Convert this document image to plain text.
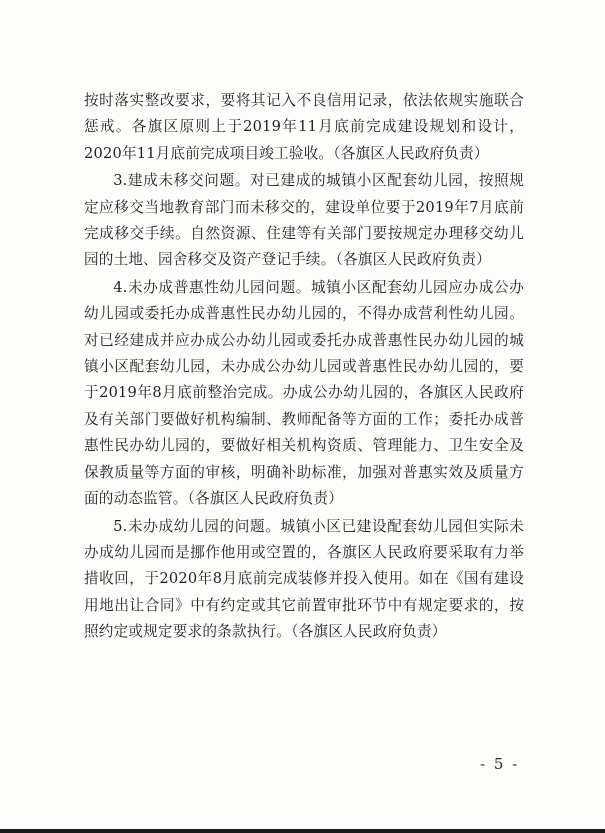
按时落实整改要求，要将其记入不良信用记录，依法依规实施联合惩戒。各旗区原则上于2019年11月底前完成建设规划和设计，2020年11月底前完成项目竣工验收。（各旗区人民政府负责）

3.建成未移交问题。对已建成的城镇小区配套幼儿园，按照规定应移交当地教育部门而未移交的，建设单位要于2019年7月底前完成移交手续。自然资源、住建等有关部门要按规定办理移交幼儿园的土地、园舍移交及资产登记手续。（各旗区人民政府负责）

4.未办成普惠性幼儿园问题。城镇小区配套幼儿园应办成公办幼儿园或委托办成普惠性民办幼儿园的，不得办成营利性幼儿园。对已经建成并应办成公办幼儿园或委托办成普惠性民办幼儿园的城镇小区配套幼儿园，未办成公办幼儿园或普惠性民办幼儿园的，要于2019年8月底前整治完成。办成公办幼儿园的，各旗区人民政府及有关部门要做好机构编制、教师配备等方面的工作；委托办成普惠性民办幼儿园的，要做好相关机构资质、管理能力、卫生安全及保教质量等方面的审核，明确补助标准，加强对普惠实效及质量方面的动态监管。（各旗区人民政府负责）

5.未办成幼儿园的问题。城镇小区已建设配套幼儿园但实际未办成幼儿园而是挪作他用或空置的，各旗区人民政府要采取有力举措收回，于2020年8月底前完成装修并投入使用。如在《国有建设用地出让合同》中有约定或其它前置审批环节中有规定要求的，按照约定或规定要求的条款执行。（各旗区人民政府负责）

- 5 -
